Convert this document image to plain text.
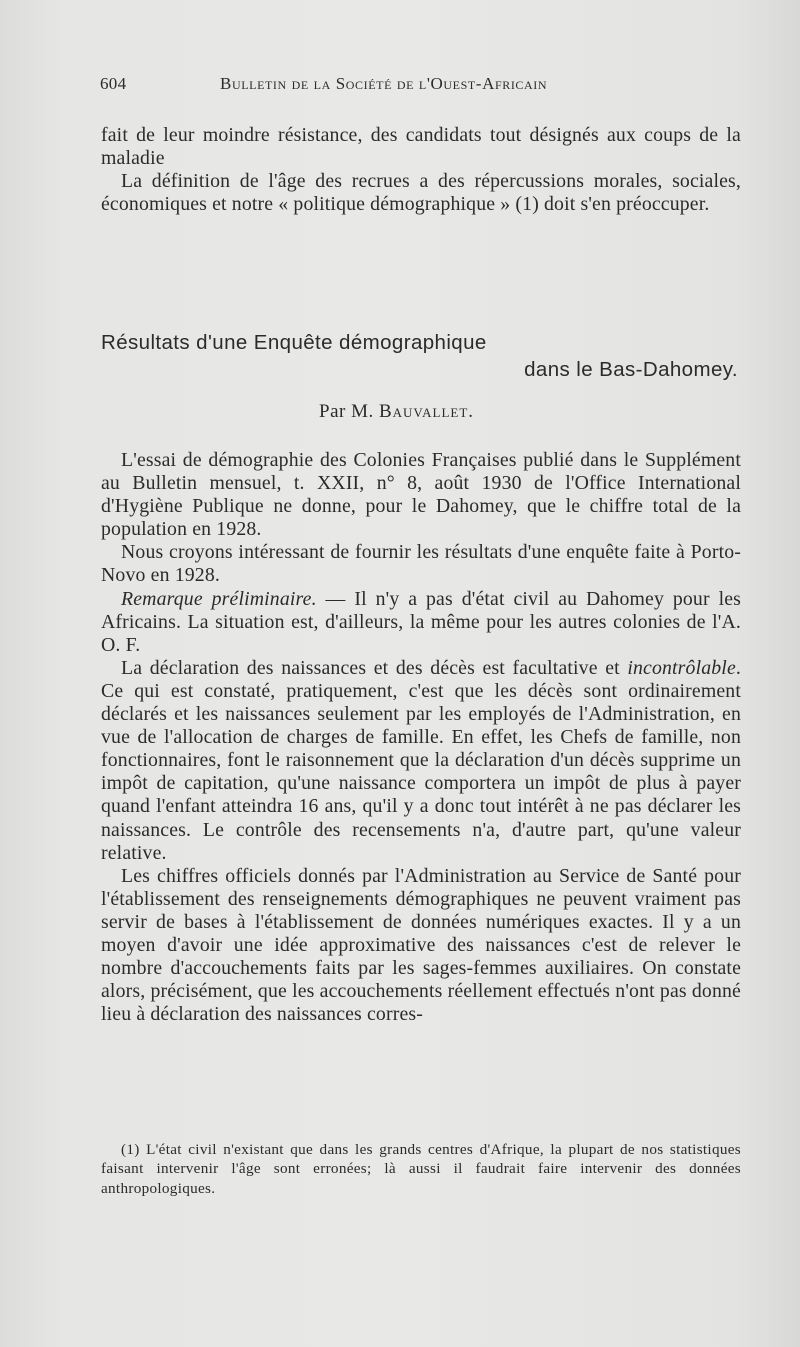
604	Bulletin de la Société de l'Ouest-Africain

fait de leur moindre résistance, des candidats tout désignés aux coups de la maladie

La définition de l'âge des recrues a des répercussions morales, sociales, économiques et notre « politique démographique » (1) doit s'en préoccuper.

Résultats d'une Enquête démographique
dans le Bas-Dahomey.
Par M. Bauvallet.

L'essai de démographie des Colonies Françaises publié dans le Supplément au Bulletin mensuel, t. XXII, n° 8, août 1930 de l'Office International d'Hygiène Publique ne donne, pour le Dahomey, que le chiffre total de la population en 1928.

Nous croyons intéressant de fournir les résultats d'une enquête faite à Porto-Novo en 1928.

Remarque préliminaire. — Il n'y a pas d'état civil au Dahomey pour les Africains. La situation est, d'ailleurs, la même pour les autres colonies de l'A. O. F.

La déclaration des naissances et des décès est facultative et incontrôlable. Ce qui est constaté, pratiquement, c'est que les décès sont ordinairement déclarés et les naissances seulement par les employés de l'Administration, en vue de l'allocation de charges de famille. En effet, les Chefs de famille, non fonctionnaires, font le raisonnement que la déclaration d'un décès supprime un impôt de capitation, qu'une naissance comportera un impôt de plus à payer quand l'enfant atteindra 16 ans, qu'il y a donc tout intérêt à ne pas déclarer les naissances. Le contrôle des recensements n'a, d'autre part, qu'une valeur relative.

Les chiffres officiels donnés par l'Administration au Service de Santé pour l'établissement des renseignements démographiques ne peuvent vraiment pas servir de bases à l'établissement de données numériques exactes. Il y a un moyen d'avoir une idée approximative des naissances c'est de relever le nombre d'accouchements faits par les sages-femmes auxiliaires. On constate alors, précisément, que les accouchements réellement effectués n'ont pas donné lieu à déclaration des naissances corres-

(1) L'état civil n'existant que dans les grands centres d'Afrique, la plupart de nos statistiques faisant intervenir l'âge sont erronées; là aussi il faudrait faire intervenir des données anthropologiques.
